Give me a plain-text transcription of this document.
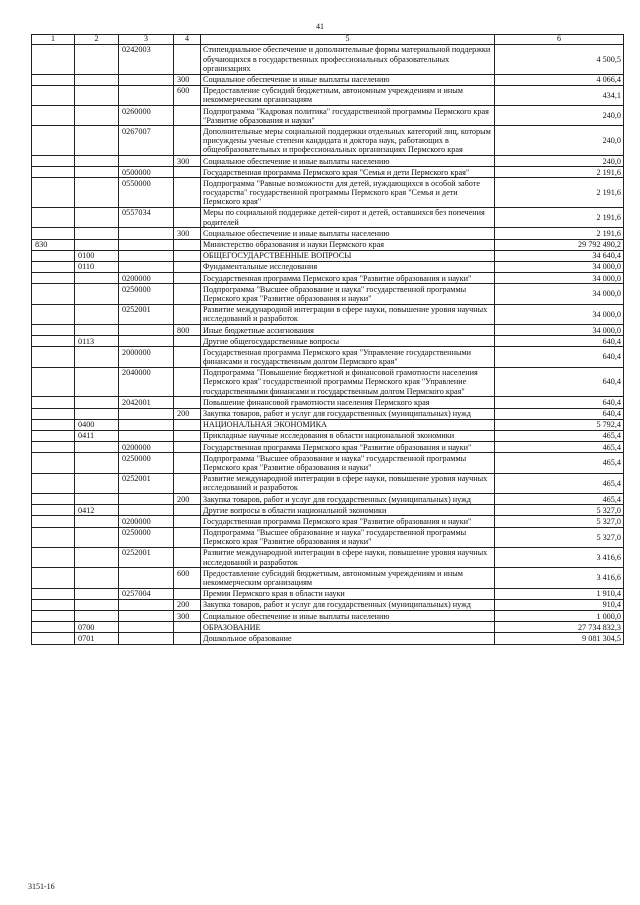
41
1	2	3	4	5	6
		0242003		Стипендиальное обеспечение и дополнительные формы материальной поддержки обучающихся в государственных профессиональных образовательных организациях	4 500,5
			300	Социальное обеспечение и иные выплаты населению	4 066,4
			600	Предоставление субсидий бюджетным, автономным учреждениям и иным некоммерческим организациям	434,1
		0260000		Подпрограмма "Кадровая политика" государственной программы Пермского края "Развитие образования и науки"	240,0
		0267007		Дополнительные меры социальной поддержки отдельных категорий лиц, которым присуждены ученые степени кандидата и доктора наук, работающих в общеобразовательных и профессиональных организациях Пермского края	240,0
			300	Социальное обеспечение и иные выплаты населению	240,0
		0500000		Государственная программа Пермского края "Семья и дети Пермского края"	2 191,6
		0550000		Подпрограмма "Равные возможности для детей, нуждающихся в особой заботе государства" государственной программы Пермского края "Семья и дети Пермского края"	2 191,6
		0557034		Меры по социальной поддержке детей-сирот и детей, оставшихся без попечения родителей	2 191,6
			300	Социальное обеспечение и иные выплаты населению	2 191,6
830				Министерство образования и науки Пермского края	29 792 490,2
	0100			ОБЩЕГОСУДАРСТВЕННЫЕ ВОПРОСЫ	34 640,4
	0110			Фундаментальные исследования	34 000,0
		0200000		Государственная программа Пермского края "Развитие образования и науки"	34 000,0
		0250000		Подпрограмма "Высшее образование и наука" государственной программы Пермского края "Развитие образования и науки"	34 000,0
		0252001		Развитие международной интеграции в сфере науки, повышение уровня научных исследований и разработок	34 000,0
			800	Иные бюджетные ассигнования	34 000,0
	0113			Другие общегосударственные вопросы	640,4
		2000000		Государственная программа Пермского края "Управление государственными финансами и государственным долгом Пермского края"	640,4
		2040000		Подпрограмма "Повышение бюджетной и финансовой грамотности населения Пермского края" государственной программы Пермского края "Управление государственными финансами и государственным долгом Пермского края"	640,4
		2042001		Повышение финансовой грамотности населения Пермского края	640,4
			200	Закупка товаров, работ и услуг для государственных (муниципальных) нужд	640,4
	0400			НАЦИОНАЛЬНАЯ ЭКОНОМИКА	5 792,4
	0411			Прикладные научные исследования в области национальной экономики	465,4
		0200000		Государственная программа Пермского края "Развитие образования и науки"	465,4
		0250000		Подпрограмма "Высшее образование и наука" государственной программы Пермского края "Развитие образования и науки"	465,4
		0252001		Развитие международной интеграции в сфере науки, повышение уровня научных исследований и разработок	465,4
			200	Закупка товаров, работ и услуг для государственных (муниципальных) нужд	465,4
	0412			Другие вопросы в области национальной экономики	5 327,0
		0200000		Государственная программа Пермского края "Развитие образования и науки"	5 327,0
		0250000		Подпрограмма "Высшее образование и наука" государственной программы Пермского края "Развитие образования и науки"	5 327,0
		0252001		Развитие международной интеграции в сфере науки, повышение уровня научных исследований и разработок	3 416,6
			600	Предоставление субсидий бюджетным, автономным учреждениям и иным некоммерческим организациям	3 416,6
		0257004		Премии Пермского края в области науки	1 910,4
			200	Закупка товаров, работ и услуг для государственных (муниципальных) нужд	910,4
			300	Социальное обеспечение и иные выплаты населению	1 000,0
	0700			ОБРАЗОВАНИЕ	27 734 832,3
	0701			Дошкольное образование	9 081 304,5
3151-16
